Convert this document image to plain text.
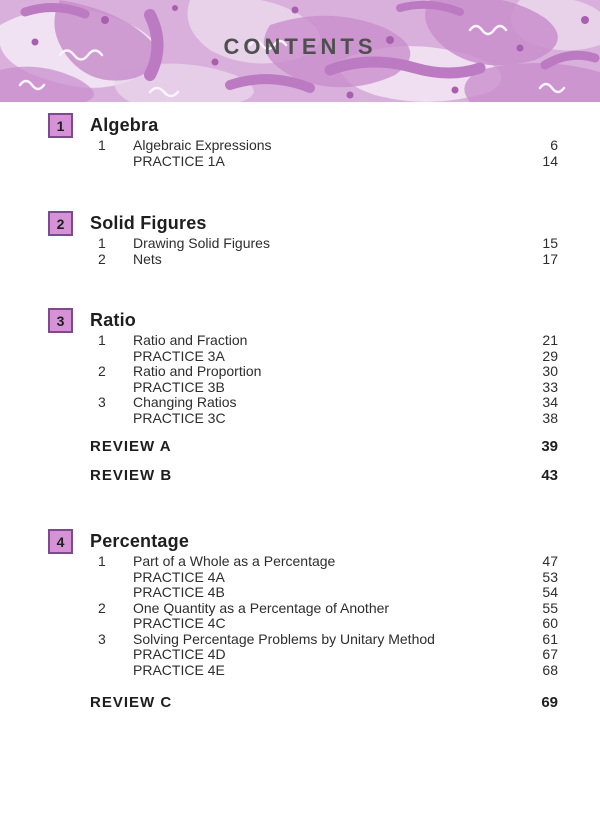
CONTENTS
1	Algebra
1	Algebraic Expressions	6
PRACTICE 1A	14
2	Solid Figures
1	Drawing Solid Figures	15
2	Nets	17
3	Ratio
1	Ratio and Fraction	21
PRACTICE 3A	29
2	Ratio and Proportion	30
PRACTICE 3B	33
3	Changing Ratios	34
PRACTICE 3C	38
REVIEW A	39
REVIEW B	43
4	Percentage
1	Part of a Whole as a Percentage	47
PRACTICE 4A	53
PRACTICE 4B	54
2	One Quantity as a Percentage of Another	55
PRACTICE 4C	60
3	Solving Percentage Problems by Unitary Method	61
PRACTICE 4D	67
PRACTICE 4E	68
REVIEW C	69
